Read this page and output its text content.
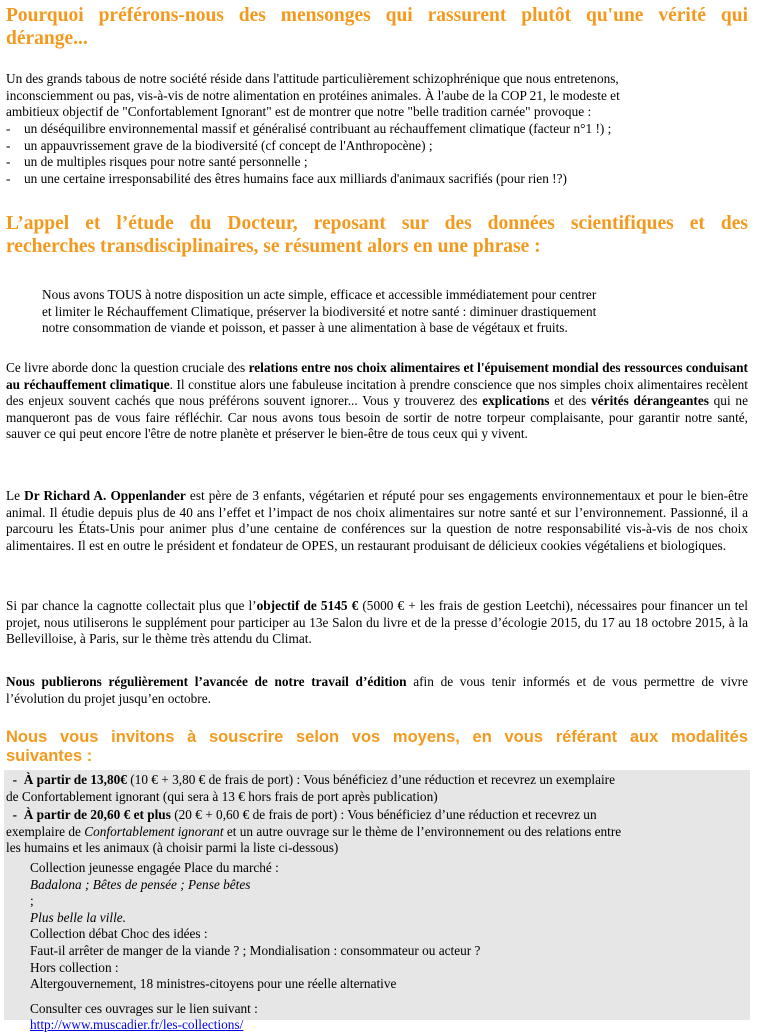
Pourquoi préférons-nous des mensonges qui rassurent plutôt qu'une vérité qui
dérange...

Un des grands tabous de notre société réside dans l'attitude particulièrement schizophrénique que nous entretenons,
inconsciemment ou pas, vis-à-vis de notre alimentation en protéines animales. À l'aube de la COP 21, le modeste et
ambitieux objectif de "Confortablement Ignorant" est de montrer que notre "belle tradition carnée" provoque :

-	un déséquilibre environnemental massif et généralisé contribuant au réchauffement climatique (facteur n°1 !) ;
-	un appauvrissement grave de la biodiversité (cf concept de l'Anthropocène) ;
-	un de multiples risques pour notre santé personnelle ;
-	un une certaine irresponsabilité des êtres humains face aux milliards d'animaux sacrifiés (pour rien !?)
L’appel et l’étude du Docteur, reposant sur des données scientifiques et des
recherches transdisciplinaires, se résument alors en une phrase :
Nous avons TOUS à notre disposition un acte simple, efficace et accessible immédiatement pour centrer
et limiter le Réchauffement Climatique, préserver la biodiversité et notre santé : diminuer drastiquement
notre consommation de viande et poisson, et passer à une alimentation à base de végétaux et fruits.

Ce livre aborde donc la question cruciale des relations entre nos choix alimentaires et l'épuisement mondial des ressources conduisant au réchauffement climatique. Il constitue alors une fabuleuse incitation à prendre conscience que nos simples choix alimentaires recèlent des enjeux souvent cachés que nous préférons souvent ignorer... Vous y trouverez des explications et des vérités dérangeantes qui ne manqueront pas de vous faire réfléchir. Car nous avons tous besoin de sortir de notre torpeur complaisante, pour garantir notre santé, sauver ce qui peut encore l'être de notre planète et préserver le bien-être de tous ceux qui y vivent.

Le Dr Richard A. Oppenlander est père de 3 enfants, végétarien et réputé pour ses engagements environnementaux et pour le bien-être animal. Il étudie depuis plus de 40 ans l’effet et l’impact de nos choix alimentaires sur notre santé et sur l’environnement. Passionné, il a parcouru les États-Unis pour animer plus d’une centaine de conférences sur la question de notre responsabilité vis-à-vis de nos choix alimentaires. Il est en outre le président et fondateur de OPES, un restaurant produisant de délicieux cookies végétaliens et biologiques.

Si par chance la cagnotte collectait plus que l’objectif de 5145 € (5000 € + les frais de gestion Leetchi), nécessaires pour financer un tel projet, nous utiliserons le supplément pour participer au 13e Salon du livre et de la presse d’écologie 2015, du 17 au 18 octobre 2015, à la Bellevilloise, à Paris, sur le thème très attendu du Climat.

Nous publierons régulièrement l’avancée de notre travail d’édition afin de vous tenir informés et de vous permettre de vivre l’évolution du projet jusqu’en octobre.

Nous vous invitons à souscrire selon vos moyens, en vous référant aux modalités
suivantes :

- À partir de 13,80€ (10 € + 3,80 € de frais de port) : Vous bénéficiez d’une réduction et recevrez un exemplaire
de Confortablement ignorant (qui sera à 13 € hors frais de port après publication)

- À partir de 20,60 € et plus (20 € + 0,60 € de frais de port) : Vous bénéficiez d’une réduction et recevrez un
exemplaire de Confortablement ignorant et un autre ouvrage sur le thème de l’environnement ou des relations entre
les humains et les animaux (à choisir parmi la liste ci-dessous)

Collection jeunesse engagée Place du marché :
Badalona ; Bêtes de pensée ; Pense bêtes
;
Plus belle la ville.
Collection débat Choc des idées :
Faut-il arrêter de manger de la viande ? ; Mondialisation : consommateur ou acteur ?
Hors collection :
Altergouvernement, 18 ministres-citoyens pour une réelle alternative
Consulter ces ouvrages sur le lien suivant :
http://www.muscadier.fr/les-collections/
